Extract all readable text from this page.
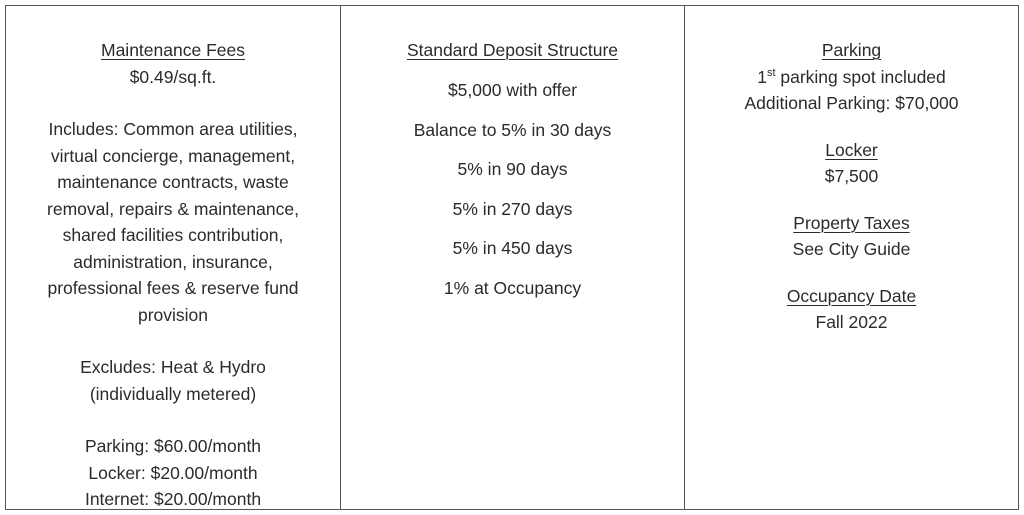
Maintenance Fees
$0.49/sq.ft.
Includes: Common area utilities,
virtual concierge, management,
maintenance contracts, waste
removal, repairs & maintenance,
shared facilities contribution,
administration, insurance,
professional fees & reserve fund
provision
Excludes: Heat & Hydro
(individually metered)
Parking: $60.00/month
Locker: $20.00/month
Internet: $20.00/month
Standard Deposit Structure
$5,000 with offer
Balance to 5% in 30 days
5% in 90 days
5% in 270 days
5% in 450 days
1% at Occupancy
Parking
1st parking spot included
Additional Parking: $70,000
Locker
$7,500
Property Taxes
See City Guide
Occupancy Date
Fall 2022
